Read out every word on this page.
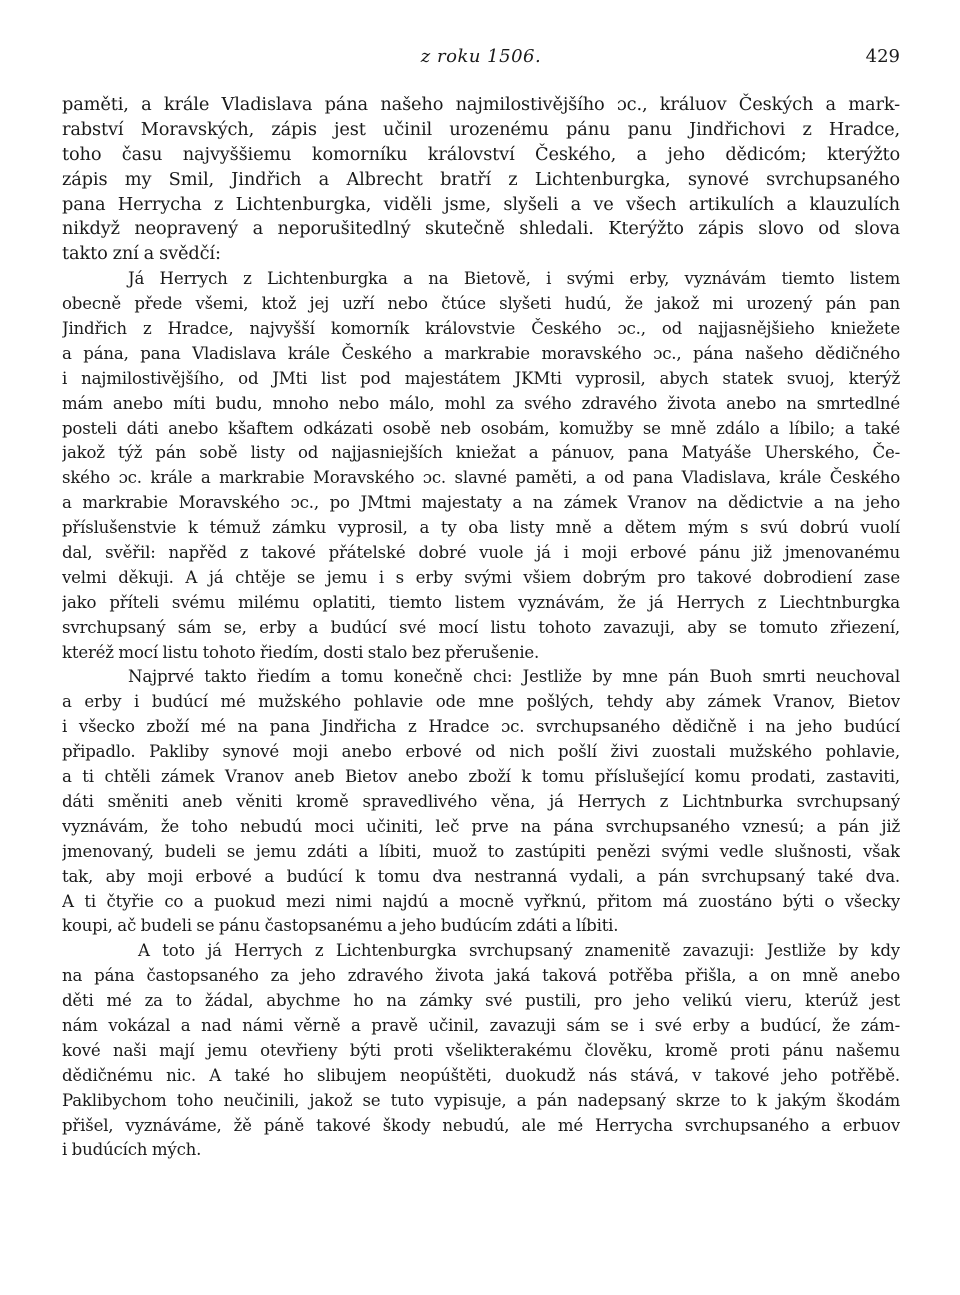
z roku 1506.	429
paměti, a krále Vladislava pána našeho najmilostivějšího ɔc., králuov Českých a mark-
rabství Moravských, zápis jest učinil urozenému pánu panu Jindřichovi z Hradce,
toho času najvyššiemu komorníku království Českého, a jeho dědicóm; kterýžto
zápis my Smil, Jindřich a Albrecht bratří z Lichtenburgka, synové svrchupsaného
pana Herrycha z Lichtenburgka, viděli jsme, slyšeli a ve všech artikulích a klauzulích
nikdyž neopravený a neporušitedlný skutečně shledali. Kterýžto zápis slovo od slova
takto zní a svědčí:
Já Herrych z Lichtenburgka a na Bietově, i svými erby, vyznávám tiemto listem
obecně přede všemi, ktož jej uzří nebo čtúce slyšeti hudú, že jakož mi urozený pán pan
Jindřich z Hradce, najvyšší komorník královstvie Českého ɔc., od najjasnějšieho kniežete
a pána, pana Vladislava krále Českého a markrabie moravského ɔc., pána našeho dědičného
i najmilostivějšího, od JMti list pod majestátem JKMti vyprosil, abych statek svuoj, kterýž
mám anebo míti budu, mnoho nebo málo, mohl za svého zdravého života anebo na smrtedlné
posteli dáti anebo kšaftem odkázati osobě neb osobám, komužby se mně zdálo a líbilo; a také
jakož týž pán sobě listy od najjasniejších kniežat a pánuov, pana Matyáše Uherského, Če-
ského ɔc. krále a markrabie Moravského ɔc. slavné paměti, a od pana Vladislava, krále Českého
a markrabie Moravského ɔc., po JMtmi majestaty a na zámek Vranov na dědictvie a na jeho
příslušenstvie k témuž zámku vyprosil, a ty oba listy mně a dětem mým s svú dobrú vuolí
dal, svěřil: napřěd z takové přátelské dobré vuole já i moji erbové pánu již jmenovanému
velmi děkuji. A já chtěje se jemu i s erby svými všiem dobrým pro takové dobrodiení zase
jako příteli svému milému oplatiti, tiemto listem vyznávám, že já Herrych z Liechtnburgka
svrchupsaný sám se, erby a budúcí své mocí listu tohoto zavazuji, aby se tomuto zřiezení,
kteréž mocí listu tohoto řiedím, dosti stalo bez přerušenie.
Najprvé takto řiedím a tomu konečně chci: Jestliže by mne pán Buoh smrti neuchoval
a erby i budúcí mé mužského pohlavie ode mne pošlých, tehdy aby zámek Vranov, Bietov
i všecko zboží mé na pana Jindřicha z Hradce ɔc. svrchupsaného dědičně i na jeho budúcí
připadlo. Pakliby synové moji anebo erbové od nich pošlí živi zuostali mužského pohlavie,
a ti chtěli zámek Vranov aneb Bietov anebo zboží k tomu příslušející komu prodati, zastaviti,
dáti směniti aneb věniti kromě spravedlivého věna, já Herrych z Lichtnburka svrchupsaný
vyznávám, že toho nebudú moci učiniti, leč prve na pána svrchupsaného vznesú; a pán již
jmenovaný, budeli se jemu zdáti a líbiti, muož to zastúpiti penězi svými vedle slušnosti, však
tak, aby moji erbové a budúcí k tomu dva nestranná vydali, a pán svrchupsaný také dva.
A ti čtyřie co a puokud mezi nimi najdú a mocně vyřknú, přitom má zuostáno býti o všecky
koupi, ač budeli se pánu častopsanému a jeho budúcím zdáti a líbiti.
A toto já Herrych z Lichtenburgka svrchupsaný znamenitě zavazuji: Jestliže by kdy
na pána častopsaného za jeho zdravého života jaká taková potřěba přišla, a on mně anebo
děti mé za to žádal, abychme ho na zámky své pustili, pro jeho velikú vieru, kterúž jest
nám vokázal a nad námi věrně a pravě učinil, zavazuji sám se i své erby a budúcí, že zám-
kové naši mají jemu otevřieny býti proti všelikterakému člověku, kromě proti pánu našemu
dědičnému nic. A také ho slibujem neopúštěti, duokudž nás stává, v takové jeho potřěbě.
Paklibychom toho neučinili, jakož se tuto vypisuje, a pán nadepsaný skrze to k jakým škodám
přišel, vyznáváme, žě páně takové škody nebudú, ale mé Herrycha svrchupsaného a erbuov
i budúcích mých.
